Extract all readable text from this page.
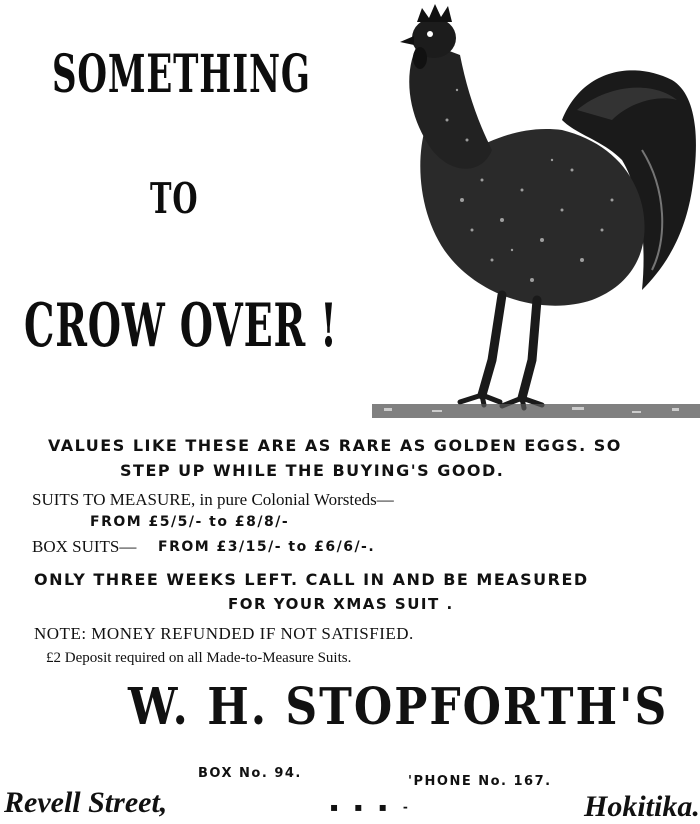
SOMETHING
TO
CROW OVER !
VALUES LIKE THESE ARE AS RARE AS GOLDEN EGGS. SO
STEP UP WHILE THE BUYING'S GOOD.
SUITS TO MEASURE, in pure Colonial Worsteds—
FROM £5/5/- to £8/8/-
BOX SUITS— FROM £3/15/- to £6/6/-.
ONLY THREE WEEKS LEFT. CALL IN AND BE MEASURED
FOR YOUR XMAS SUIT .
NOTE: MONEY REFUNDED IF NOT SATISFIED.
£2 Deposit required on all Made-to-Measure Suits.
W. H. STOPFORTH'S
BOX No. 94.
'PHONE No. 167.
Revell Street,	▪ ▪ ▪ -	Hokitika.
